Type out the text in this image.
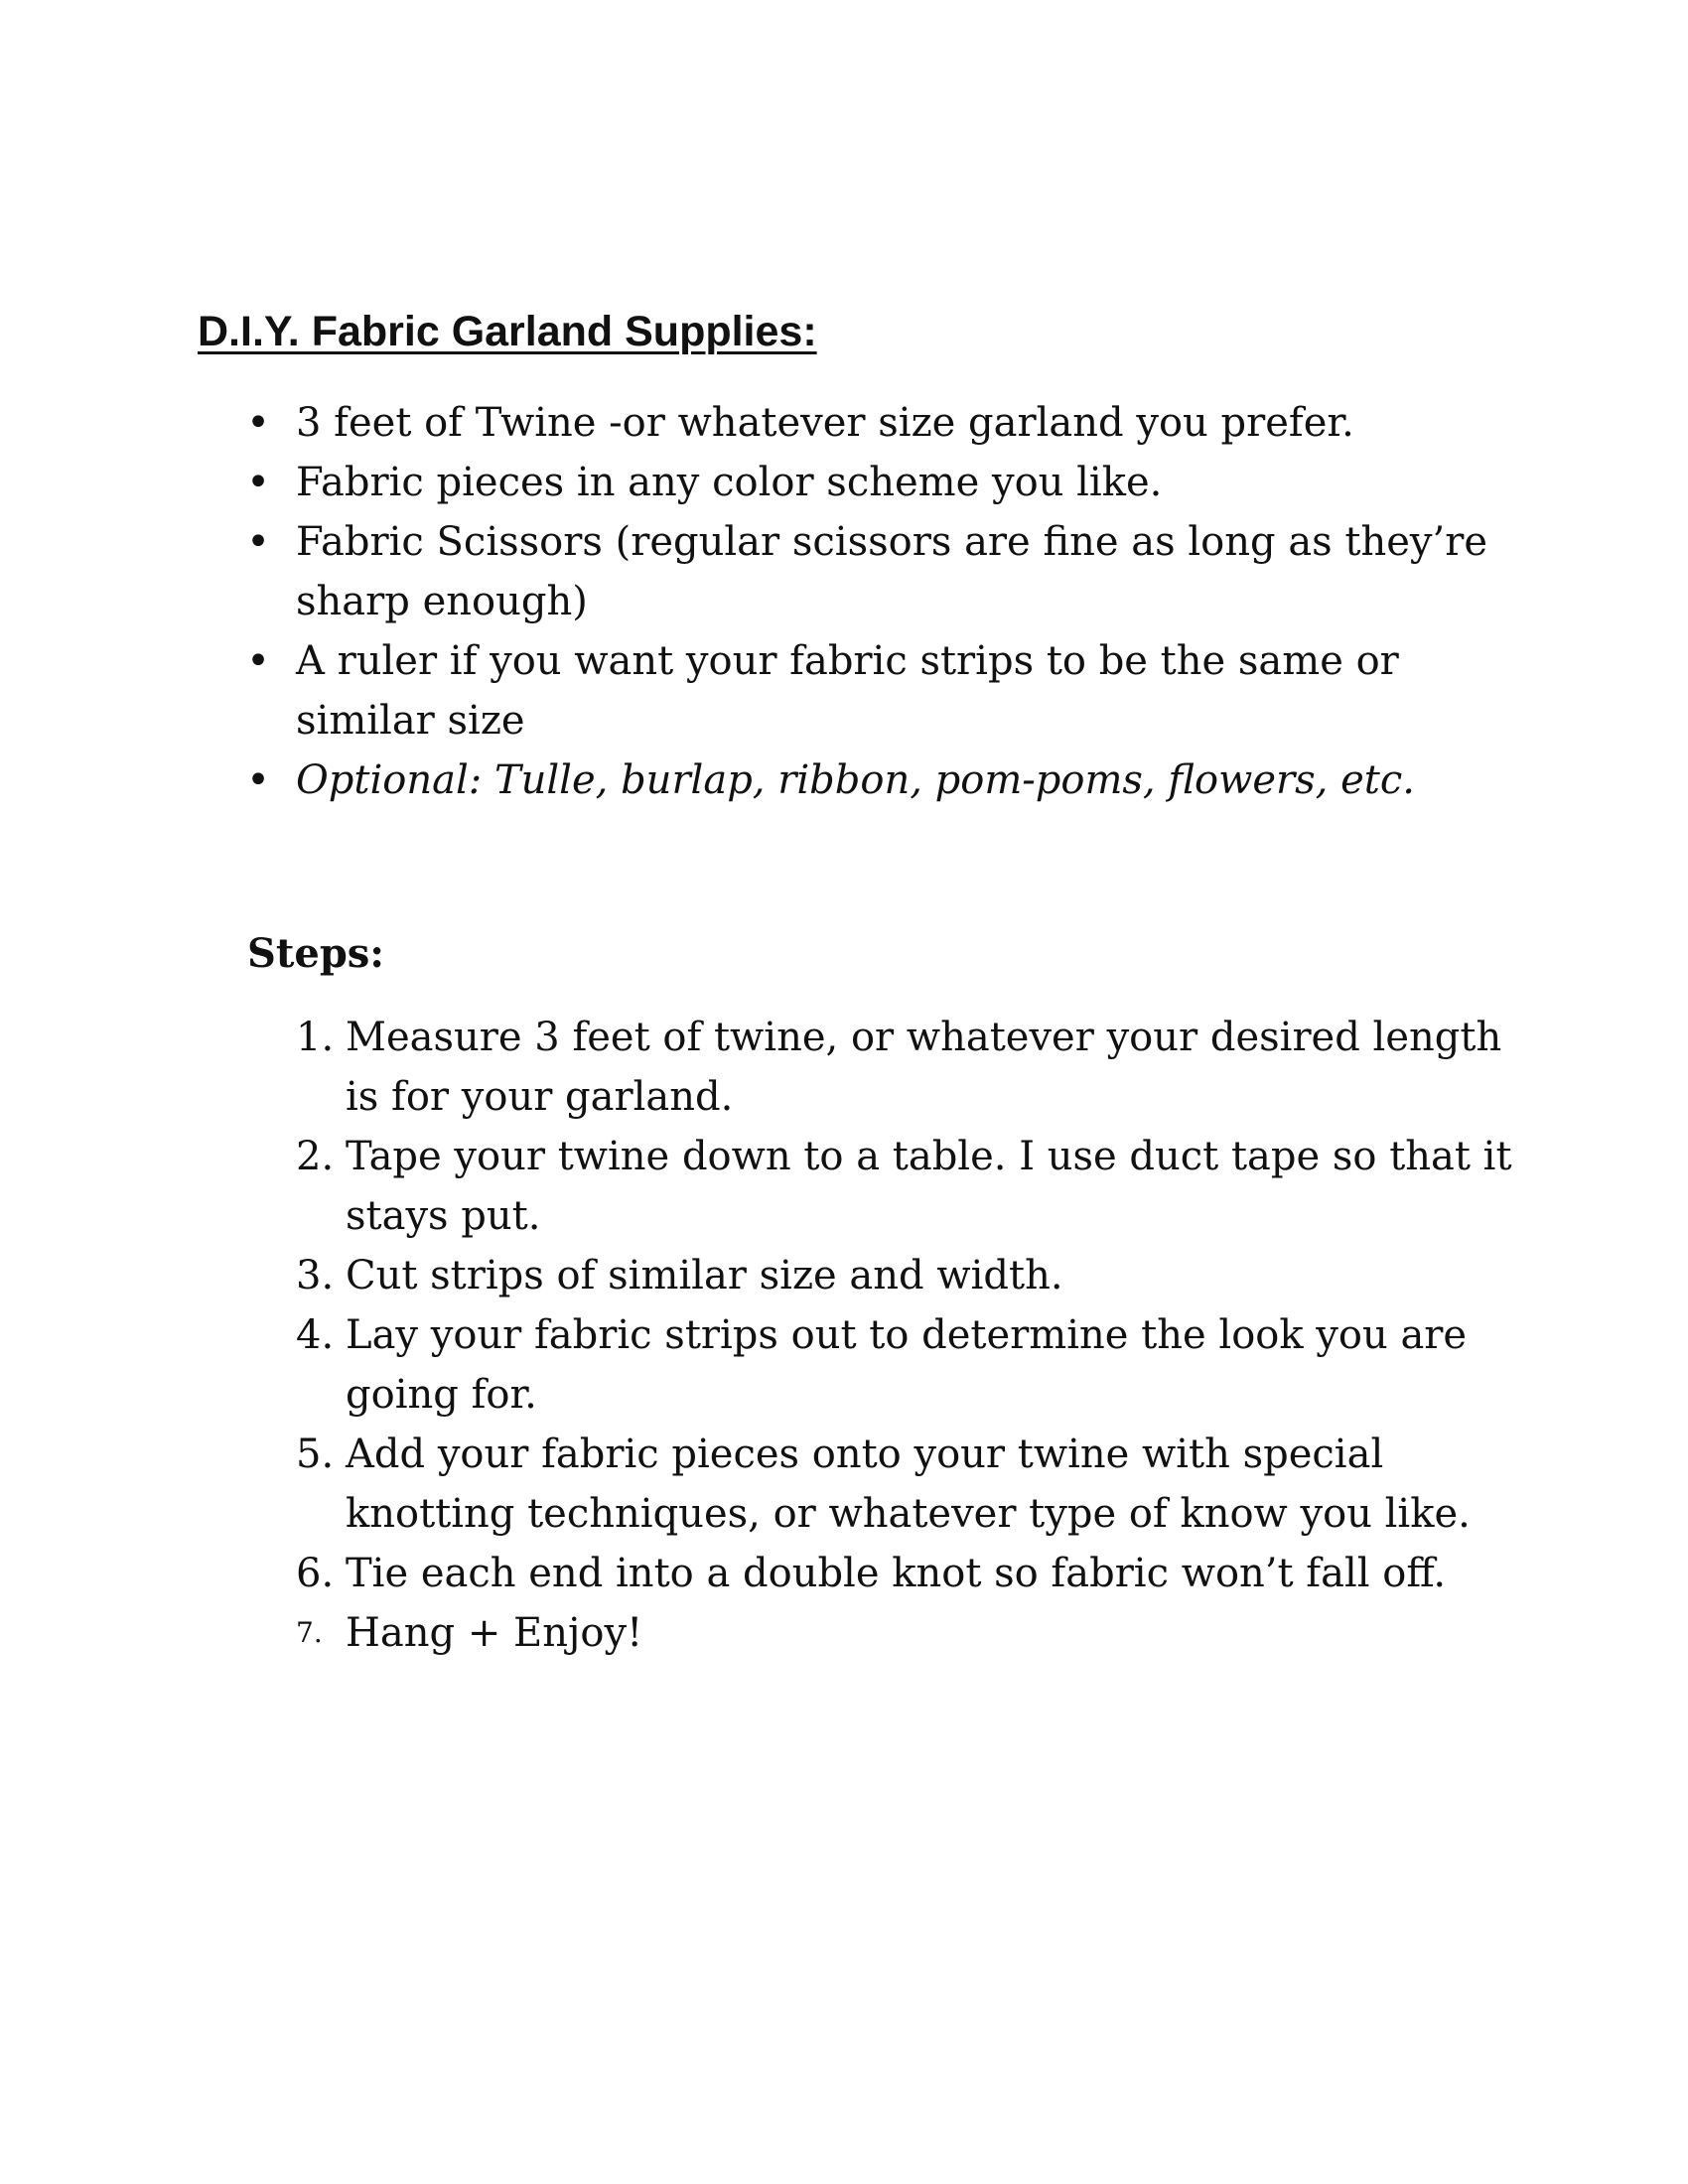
D.I.Y. Fabric Garland Supplies:
• 3 feet of Twine -or whatever size garland you prefer.
• Fabric pieces in any color scheme you like.
• Fabric Scissors (regular scissors are fine as long as they’re sharp enough)
• A ruler if you want your fabric strips to be the same or similar size
• Optional: Tulle, burlap, ribbon, pom-poms, flowers, etc.
Steps:
1. Measure 3 feet of twine, or whatever your desired length is for your garland.
2. Tape your twine down to a table. I use duct tape so that it stays put.
3. Cut strips of similar size and width.
4. Lay your fabric strips out to determine the look you are going for.
5. Add your fabric pieces onto your twine with special knotting techniques, or whatever type of know you like.
6. Tie each end into a double knot so fabric won’t fall off.
7. Hang + Enjoy!
